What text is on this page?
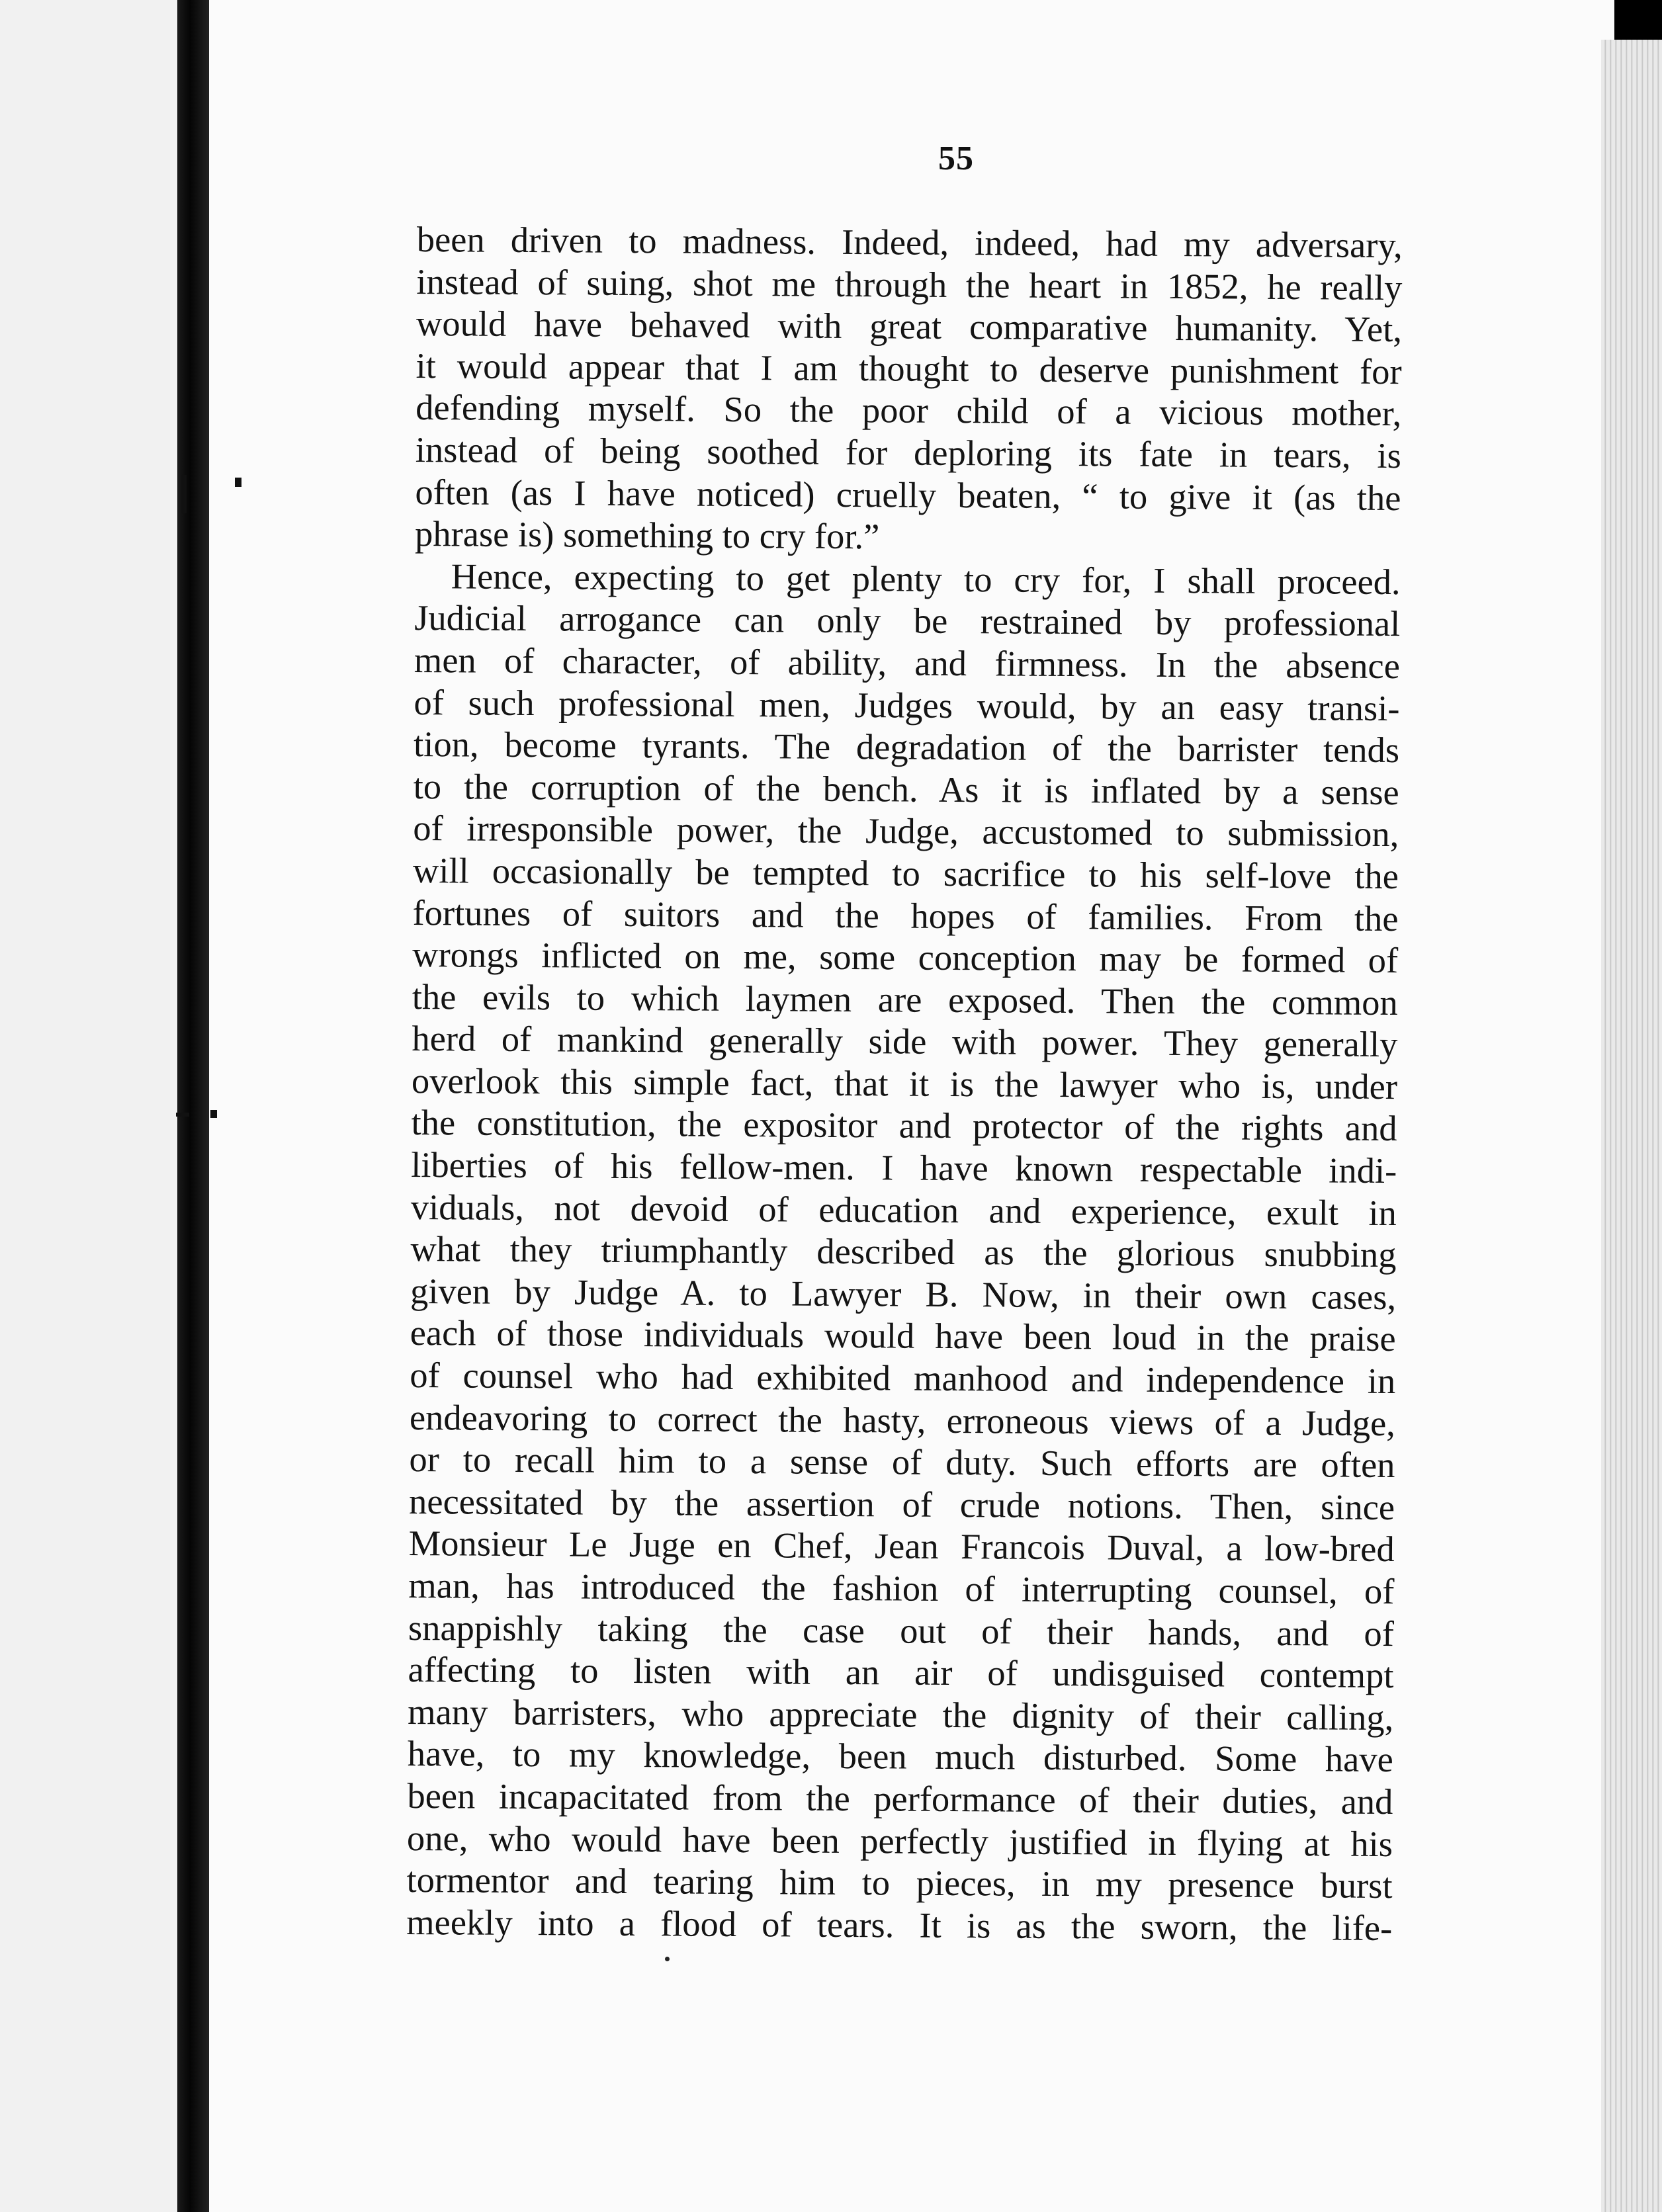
55
been driven to madness. Indeed, indeed, had my adversary,
instead of suing, shot me through the heart in 1852, he really
would have behaved with great comparative humanity. Yet,
it would appear that I am thought to deserve punishment for
defending myself. So the poor child of a vicious mother,
instead of being soothed for deploring its fate in tears, is
often (as I have noticed) cruelly beaten, “ to give it (as the
phrase is) something to cry for.”
Hence, expecting to get plenty to cry for, I shall proceed.
Judicial arrogance can only be restrained by professional
men of character, of ability, and firmness. In the absence
of such professional men, Judges would, by an easy transi-
tion, become tyrants. The degradation of the barrister tends
to the corruption of the bench. As it is inflated by a sense
of irresponsible power, the Judge, accustomed to submission,
will occasionally be tempted to sacrifice to his self-love the
fortunes of suitors and the hopes of families. From the
wrongs inflicted on me, some conception may be formed of
the evils to which laymen are exposed. Then the common
herd of mankind generally side with power. They generally
overlook this simple fact, that it is the lawyer who is, under
the constitution, the expositor and protector of the rights and
liberties of his fellow-men. I have known respectable indi-
viduals, not devoid of education and experience, exult in
what they triumphantly described as the glorious snubbing
given by Judge A. to Lawyer B. Now, in their own cases,
each of those individuals would have been loud in the praise
of counsel who had exhibited manhood and independence in
endeavoring to correct the hasty, erroneous views of a Judge,
or to recall him to a sense of duty. Such efforts are often
necessitated by the assertion of crude notions. Then, since
Monsieur Le Juge en Chef, Jean Francois Duval, a low-bred
man, has introduced the fashion of interrupting counsel, of
snappishly taking the case out of their hands, and of
affecting to listen with an air of undisguised contempt
many barristers, who appreciate the dignity of their calling,
have, to my knowledge, been much disturbed. Some have
been incapacitated from the performance of their duties, and
one, who would have been perfectly justified in flying at his
tormentor and tearing him to pieces, in my presence burst
meekly into a flood of tears. It is as the sworn, the life-
